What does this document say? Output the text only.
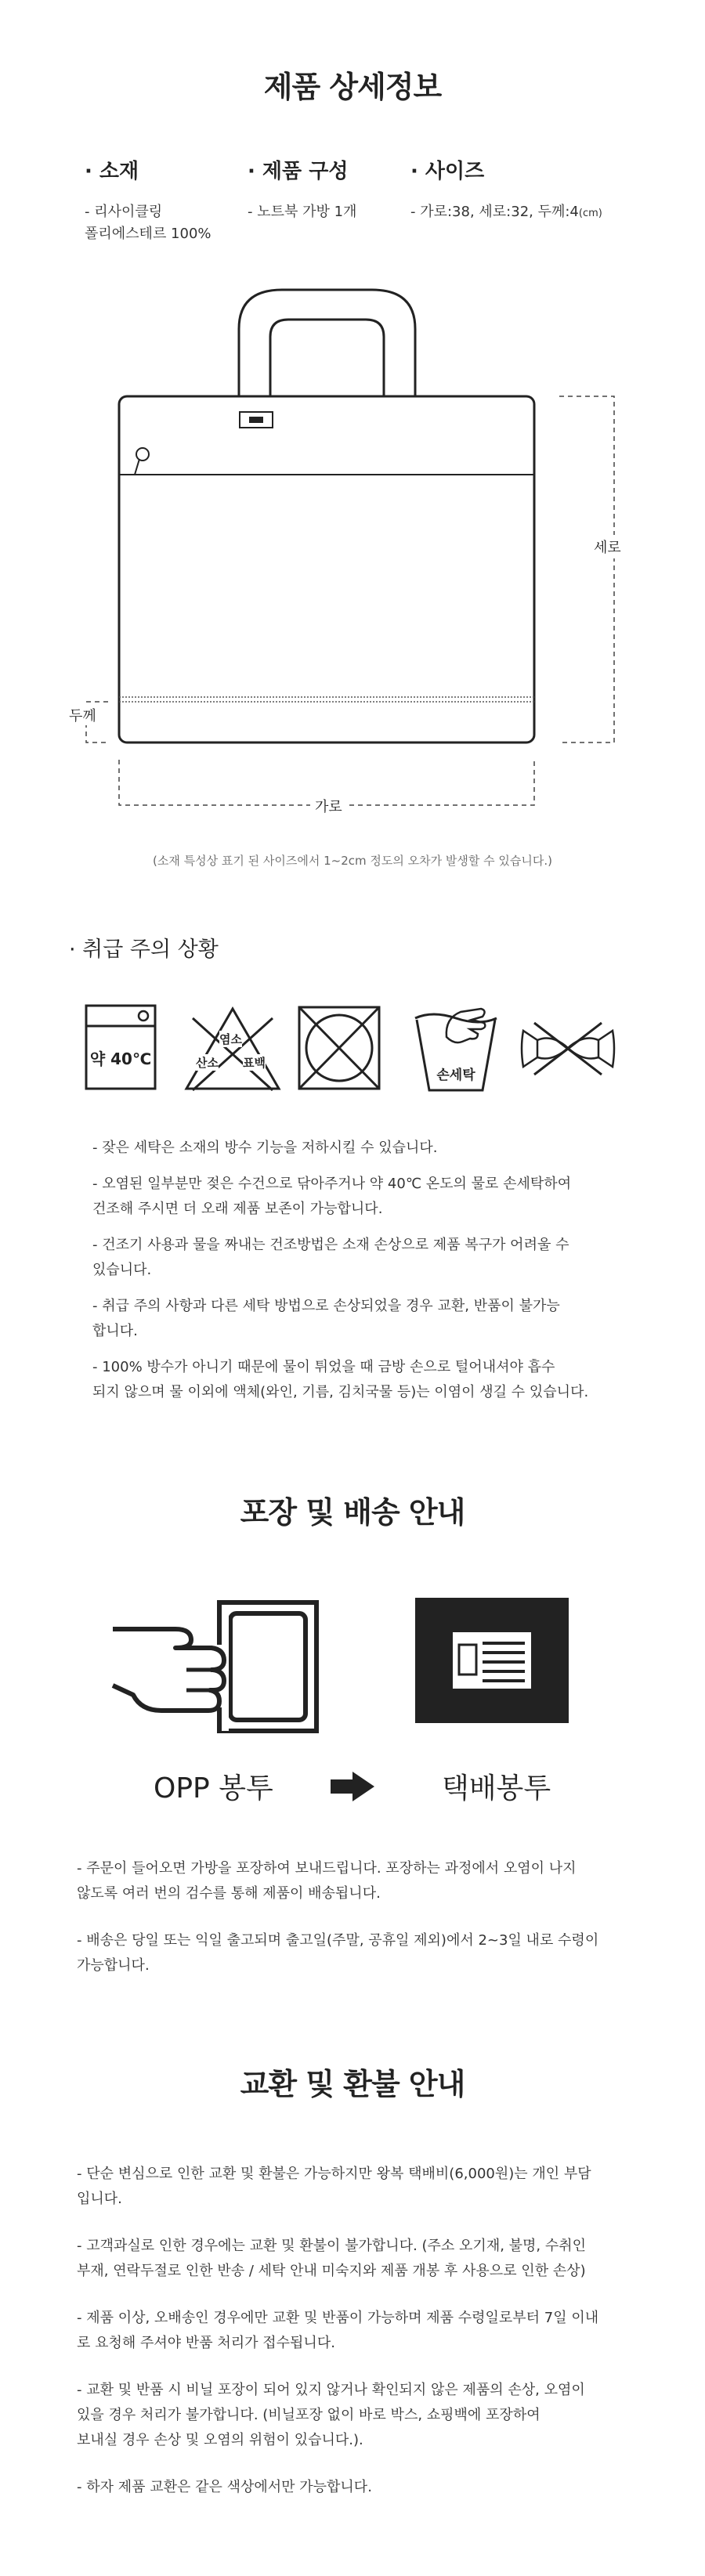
제품 상세정보
· 소재
- 리사이클링
폴리에스테르 100%
· 제품 구성
- 노트북 가방 1개
· 사이즈
- 가로:38, 세로:32, 두께:4(cm)
세로
두께
가로
(소재 특성상 표기 된 사이즈에서 1~2cm 정도의 오차가 발생할 수 있습니다.)
· 취급 주의 상황
약 40℃
염소
산소 표백
손세탁

- 잦은 세탁은 소재의 방수 기능을 저하시킬 수 있습니다.

- 오염된 일부분만 젖은 수건으로 닦아주거나 약 40℃ 온도의 물로 손세탁하여
건조해 주시면 더 오래 제품 보존이 가능합니다.

- 건조기 사용과 물을 짜내는 건조방법은 소재 손상으로 제품 복구가 어려울 수
있습니다.

- 취급 주의 사항과 다른 세탁 방법으로 손상되었을 경우 교환, 반품이 불가능
합니다.

- 100% 방수가 아니기 때문에 물이 튀었을 때 금방 손으로 털어내셔야 흡수
되지 않으며 물 이외에 액체(와인, 기름, 김치국물 등)는 이염이 생길 수 있습니다.

포장 및 배송 안내
OPP 봉투	택배봉투

- 주문이 들어오면 가방을 포장하여 보내드립니다. 포장하는 과정에서 오염이 나지
않도록 여러 번의 검수를 통해 제품이 배송됩니다.

- 배송은 당일 또는 익일 출고되며 출고일(주말, 공휴일 제외)에서 2~3일 내로 수령이
가능합니다.

교환 및 환불 안내

- 단순 변심으로 인한 교환 및 환불은 가능하지만 왕복 택배비(6,000원)는 개인 부담
입니다.

- 고객과실로 인한 경우에는 교환 및 환불이 불가합니다. (주소 오기재, 불명, 수취인
부재, 연락두절로 인한 반송 / 세탁 안내 미숙지와 제품 개봉 후 사용으로 인한 손상)

- 제품 이상, 오배송인 경우에만 교환 및 반품이 가능하며 제품 수령일로부터 7일 이내
로 요청해 주셔야 반품 처리가 접수됩니다.

- 교환 및 반품 시 비닐 포장이 되어 있지 않거나 확인되지 않은 제품의 손상, 오염이
있을 경우 처리가 불가합니다. (비닐포장 없이 바로 박스, 쇼핑백에 포장하여
보내실 경우 손상 및 오염의 위험이 있습니다.).

- 하자 제품 교환은 같은 색상에서만 가능합니다.
